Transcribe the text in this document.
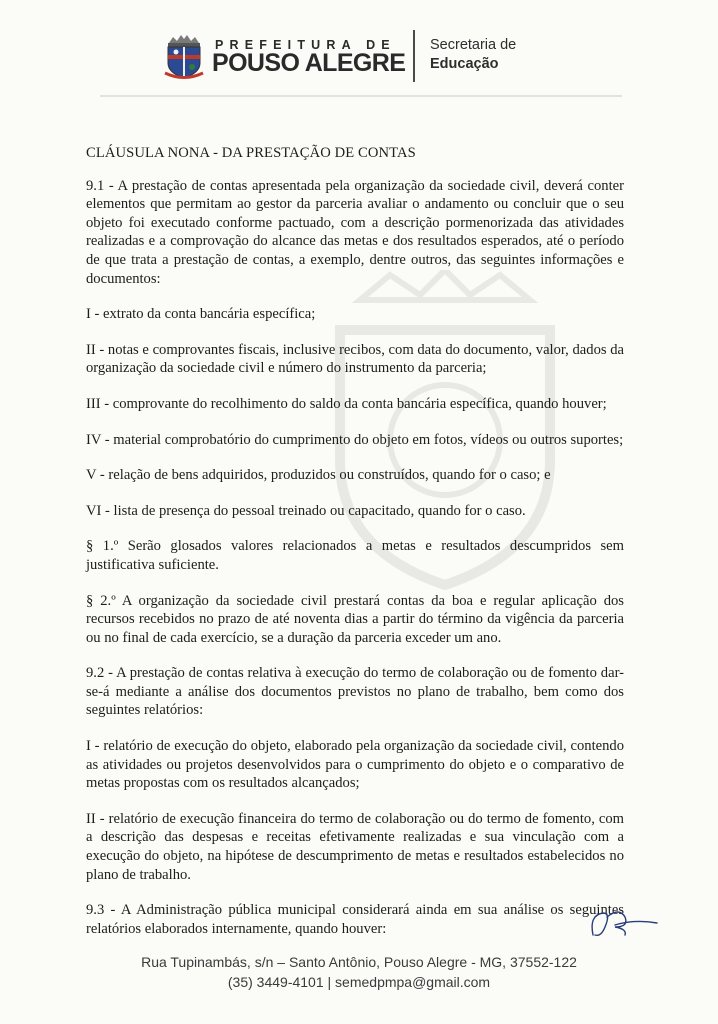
PREFEITURA DE
POUSO ALEGRE
Secretaria de
Educação
CLÁUSULA NONA - DA PRESTAÇÃO DE CONTAS
9.1 - A prestação de contas apresentada pela organização da sociedade civil, deverá conter elementos que permitam ao gestor da parceria avaliar o andamento ou concluir que o seu objeto foi executado conforme pactuado, com a descrição pormenorizada das atividades realizadas e a comprovação do alcance das metas e dos resultados esperados, até o período de que trata a prestação de contas, a exemplo, dentre outros, das seguintes informações e documentos:
I - extrato da conta bancária específica;
II - notas e comprovantes fiscais, inclusive recibos, com data do documento, valor, dados da organização da sociedade civil e número do instrumento da parceria;
III - comprovante do recolhimento do saldo da conta bancária específica, quando houver;
IV - material comprobatório do cumprimento do objeto em fotos, vídeos ou outros suportes;
V - relação de bens adquiridos, produzidos ou construídos, quando for o caso; e
VI - lista de presença do pessoal treinado ou capacitado, quando for o caso.
§ 1.º Serão glosados valores relacionados a metas e resultados descumpridos sem justificativa suficiente.
§ 2.º A organização da sociedade civil prestará contas da boa e regular aplicação dos recursos recebidos no prazo de até noventa dias a partir do término da vigência da parceria ou no final de cada exercício, se a duração da parceria exceder um ano.
9.2 - A prestação de contas relativa à execução do termo de colaboração ou de fomento dar-se-á mediante a análise dos documentos previstos no plano de trabalho, bem como dos seguintes relatórios:
I - relatório de execução do objeto, elaborado pela organização da sociedade civil, contendo as atividades ou projetos desenvolvidos para o cumprimento do objeto e o comparativo de metas propostas com os resultados alcançados;
II - relatório de execução financeira do termo de colaboração ou do termo de fomento, com a descrição das despesas e receitas efetivamente realizadas e sua vinculação com a execução do objeto, na hipótese de descumprimento de metas e resultados estabelecidos no plano de trabalho.
9.3 - A Administração pública municipal considerará ainda em sua análise os seguintes relatórios elaborados internamente, quando houver:
Rua Tupinambás, s/n – Santo Antônio, Pouso Alegre - MG, 37552-122
(35) 3449-4101 | semedpmpa@gmail.com
